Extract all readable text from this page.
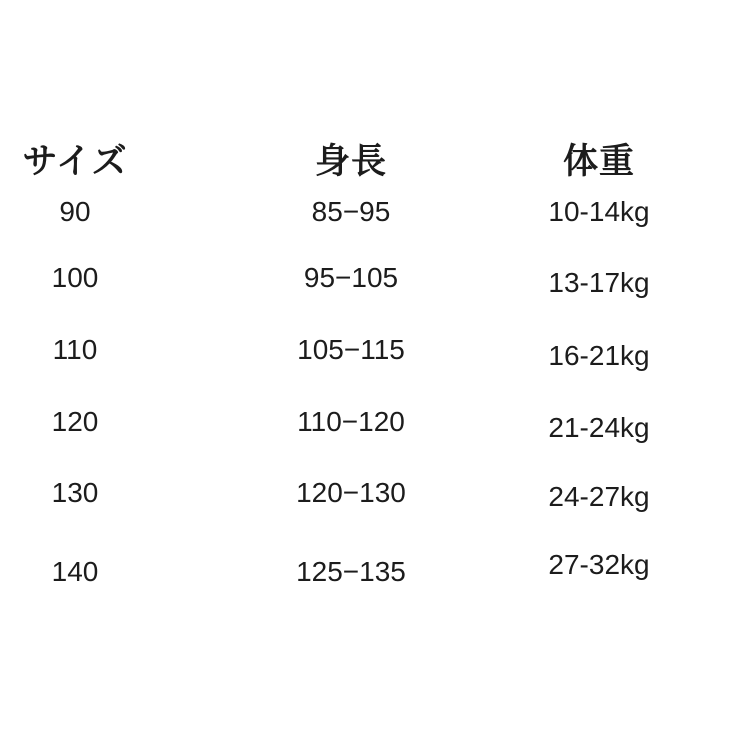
サイズ	身長	体重
90	85−95	10-14kg
100	95−105	13-17kg
110	105−115	16-21kg
120	110−120	21-24kg
130	120−130	24-27kg
140	125−135	27-32kg
